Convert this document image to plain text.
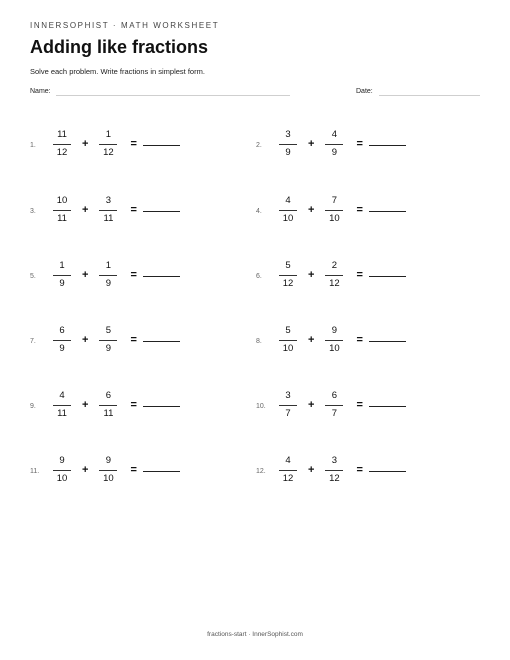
INNERSOPHIST · MATH WORKSHEET
Adding like fractions
Solve each problem. Write fractions in simplest form.
Name:	Date:
1.	$\frac{11}{12} + \frac{1}{12}$ =	2.	$\frac{3}{9} + \frac{4}{9}$ =
3.	$\frac{10}{11} + \frac{3}{11}$ =	4.	$\frac{4}{10} + \frac{7}{10}$ =
5.	$\frac{1}{9} + \frac{1}{9}$ =	6.	$\frac{5}{12} + \frac{2}{12}$ =
7.	$\frac{6}{9} + \frac{5}{9}$ =	8.	$\frac{5}{10} + \frac{9}{10}$ =
9.	$\frac{4}{11} + \frac{6}{11}$ =	10.	$\frac{3}{7} + \frac{6}{7}$ =
11.	$\frac{9}{10} + \frac{9}{10}$ =	12.	$\frac{4}{12} + \frac{3}{12}$ =
fractions-start · InnerSophist.com
